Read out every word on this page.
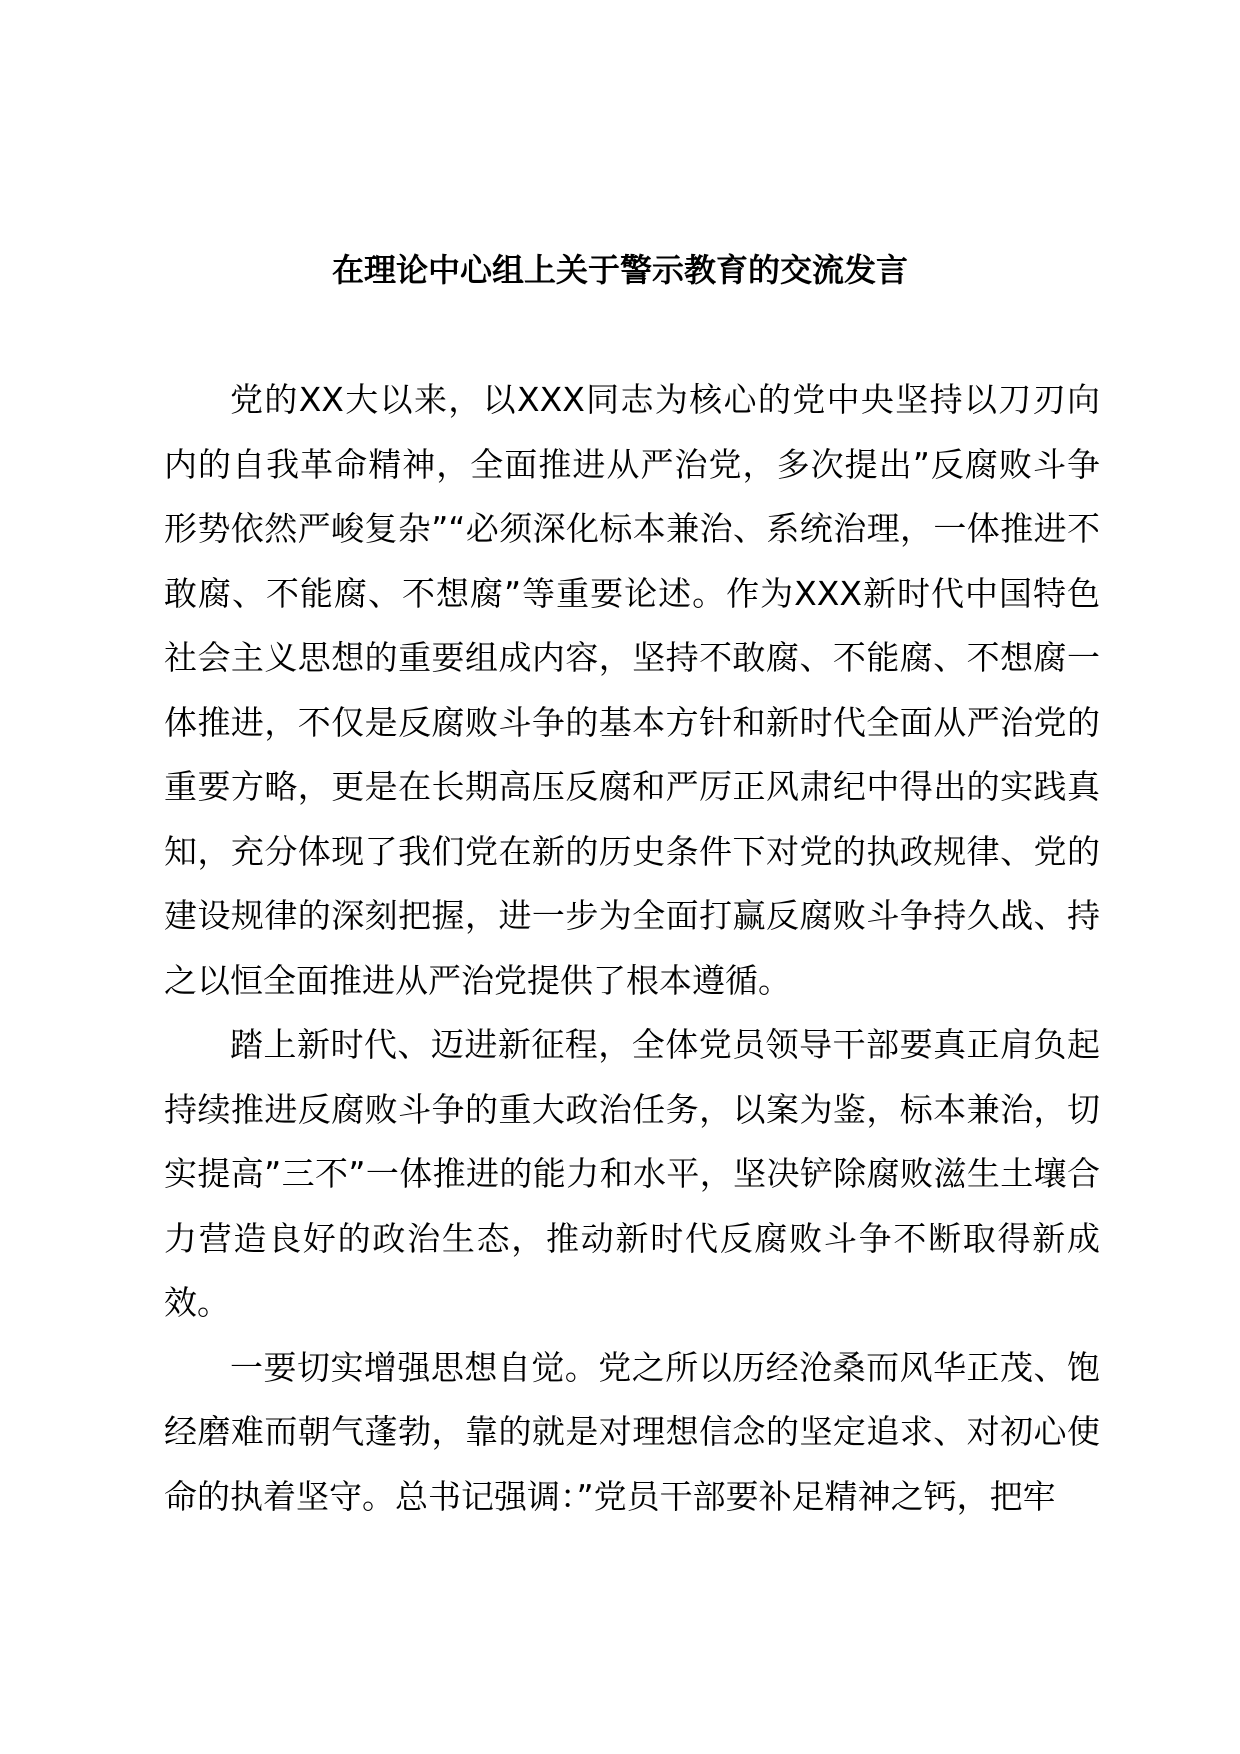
在理论中心组上关于警示教育的交流发言

党的XX大以来，以XXX同志为核心的党中央坚持以刀刃向内的自我革命精神，全面推进从严治党，多次提出”反腐败斗争形势依然严峻复杂”“必须深化标本兼治、系统治理，一体推进不敢腐、不能腐、不想腐”等重要论述。作为XXX新时代中国特色社会主义思想的重要组成内容，坚持不敢腐、不能腐、不想腐一体推进，不仅是反腐败斗争的基本方针和新时代全面从严治党的重要方略，更是在长期高压反腐和严厉正风肃纪中得出的实践真知，充分体现了我们党在新的历史条件下对党的执政规律、党的建设规律的深刻把握，进一步为全面打赢反腐败斗争持久战、持之以恒全面推进从严治党提供了根本遵循。

踏上新时代、迈进新征程，全体党员领导干部要真正肩负起持续推进反腐败斗争的重大政治任务，以案为鉴，标本兼治，切实提高”三不”一体推进的能力和水平，坚决铲除腐败滋生土壤合力营造良好的政治生态，推动新时代反腐败斗争不断取得新成效。

一要切实增强思想自觉。党之所以历经沧桑而风华正茂、饱经磨难而朝气蓬勃，靠的就是对理想信念的坚定追求、对初心使命的执着坚守。总书记强调：”党员干部要补足精神之钙，把牢
